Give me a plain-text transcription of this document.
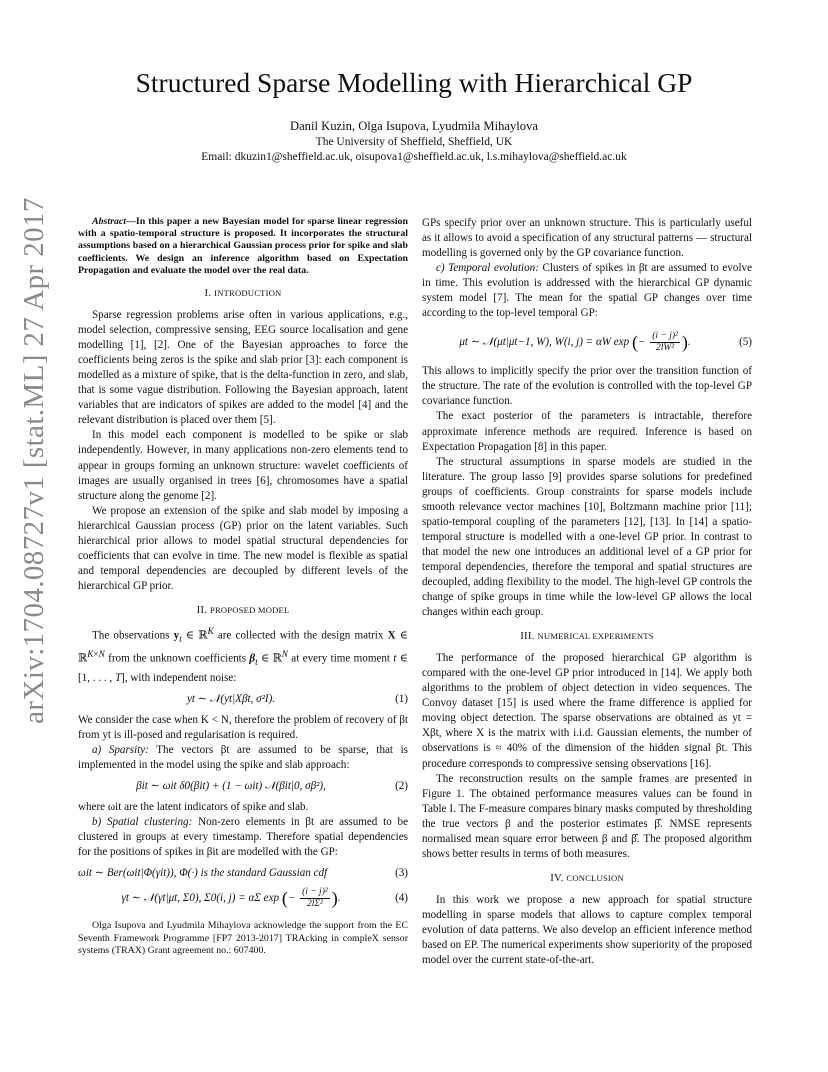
arXiv:1704.08727v1 [stat.ML] 27 Apr 2017
Structured Sparse Modelling with Hierarchical GP
Danil Kuzin, Olga Isupova, Lyudmila Mihaylova
The University of Sheffield, Sheffield, UK
Email: dkuzin1@sheffield.ac.uk, oisupova1@sheffield.ac.uk, l.s.mihaylova@sheffield.ac.uk

Abstract—In this paper a new Bayesian model for sparse linear regression with a spatio-temporal structure is proposed. It incorporates the structural assumptions based on a hierarchical Gaussian process prior for spike and slab coefficients. We design an inference algorithm based on Expectation Propagation and evaluate the model over the real data.

I. INTRODUCTION

Sparse regression problems arise often in various applications, e.g., model selection, compressive sensing, EEG source localisation and gene modelling [1], [2]. One of the Bayesian approaches to force the coefficients being zeros is the spike and slab prior [3]: each component is modelled as a mixture of spike, that is the delta-function in zero, and slab, that is some vague distribution. Following the Bayesian approach, latent variables that are indicators of spikes are added to the model [4] and the relevant distribution is placed over them [5].

In this model each component is modelled to be spike or slab independently. However, in many applications non-zero elements tend to appear in groups forming an unknown structure: wavelet coefficients of images are usually organised in trees [6], chromosomes have a spatial structure along the genome [2].

We propose an extension of the spike and slab model by imposing a hierarchical Gaussian process (GP) prior on the latent variables. Such hierarchical prior allows to model spatial structural dependencies for coefficients that can evolve in time. The new model is flexible as spatial and temporal dependencies are decoupled by different levels of the hierarchical GP prior.

II. PROPOSED MODEL

The observations $y_t$ ∈ ℝ$^K$ are collected with the design matrix X ∈ ℝ$^{K\times N}$ from the unknown coefficients $\beta_t$ ∈ ℝ$^N$ at every time moment t ∈ [1, . . . , T], with independent noise:

yt ∼ 𝒩(yt|Xβt, σ²I).	(1)

We consider the case when K < N, therefore the problem of recovery of βt from yt is ill-posed and regularisation is required.

a) Sparsity: The vectors βt are assumed to be sparse, that is implemented in the model using the spike and slab approach:

βit ∼ ωit δ0(βit) + (1 − ωit) 𝒩(βit|0, σβ²),	(2)

where ωit are the latent indicators of spike and slab.

b) Spatial clustering: Non-zero elements in βt are assumed to be clustered in groups at every timestamp. Therefore spatial dependencies for the positions of spikes in βit are modelled with the GP:

ωit ∼ Ber(ωit|Φ(γit)), Φ(·) is the standard Gaussian cdf	(3)
γt ∼ 𝒩(γt|μt, Σ0), Σ0(i, j) = αΣ exp (− $\frac{\text{(i − j)²}}{\text{2lΣ²}}$ ).	(4)

Olga Isupova and Lyudmila Mihaylova acknowledge the support from the EC Seventh Framework Programme [FP7 2013-2017] TRAcking in compleX sensor systems (TRAX) Grant agreement no.: 607400.

GPs specify prior over an unknown structure. This is particularly useful as it allows to avoid a specification of any structural patterns — structural modelling is governed only by the GP covariance function.

c) Temporal evolution: Clusters of spikes in βt are assumed to evolve in time. This evolution is addressed with the hierarchical GP dynamic system model [7]. The mean for the spatial GP changes over time according to the top-level temporal GP:

μt ∼ 𝒩(μt|μt−1, W), W(i, j) = αW exp (− $\frac{\text{(i − j)²}}{\text{2lW²}}$ ).	(5)

This allows to implicitly specify the prior over the transition function of the structure. The rate of the evolution is controlled with the top-level GP covariance function.

The exact posterior of the parameters is intractable, therefore approximate inference methods are required. Inference is based on Expectation Propagation [8] in this paper.

The structural assumptions in sparse models are studied in the literature. The group lasso [9] provides sparse solutions for predefined groups of coefficients. Group constraints for sparse models include smooth relevance vector machines [10], Boltzmann machine prior [11]; spatio-temporal coupling of the parameters [12], [13]. In [14] a spatio-temporal structure is modelled with a one-level GP prior. In contrast to that model the new one introduces an additional level of a GP prior for temporal dependencies, therefore the temporal and spatial structures are decoupled, adding flexibility to the model. The high-level GP controls the change of spike groups in time while the low-level GP allows the local changes within each group.

III. NUMERICAL EXPERIMENTS

The performance of the proposed hierarchical GP algorithm is compared with the one-level GP prior introduced in [14]. We apply both algorithms to the problem of object detection in video sequences. The Convoy dataset [15] is used where the frame difference is applied for moving object detection. The sparse observations are obtained as yt = Xβt, where X is the matrix with i.i.d. Gaussian elements, the number of observations is ≈ 40% of the dimension of the hidden signal βt. This procedure corresponds to compressive sensing observations [16].

The reconstruction results on the sample frames are presented in Figure 1. The obtained performance measures values can be found in Table I. The F-measure compares binary masks computed by thresholding the true vectors β and the posterior estimates β̂. NMSE represents normalised mean square error between β and β̂. The proposed algorithm shows better results in terms of both measures.

IV. CONCLUSION

In this work we propose a new approach for spatial structure modelling in sparse models that allows to capture complex temporal evolution of data patterns. We also develop an efficient inference method based on EP. The numerical experiments show superiority of the proposed model over the current state-of-the-art.
